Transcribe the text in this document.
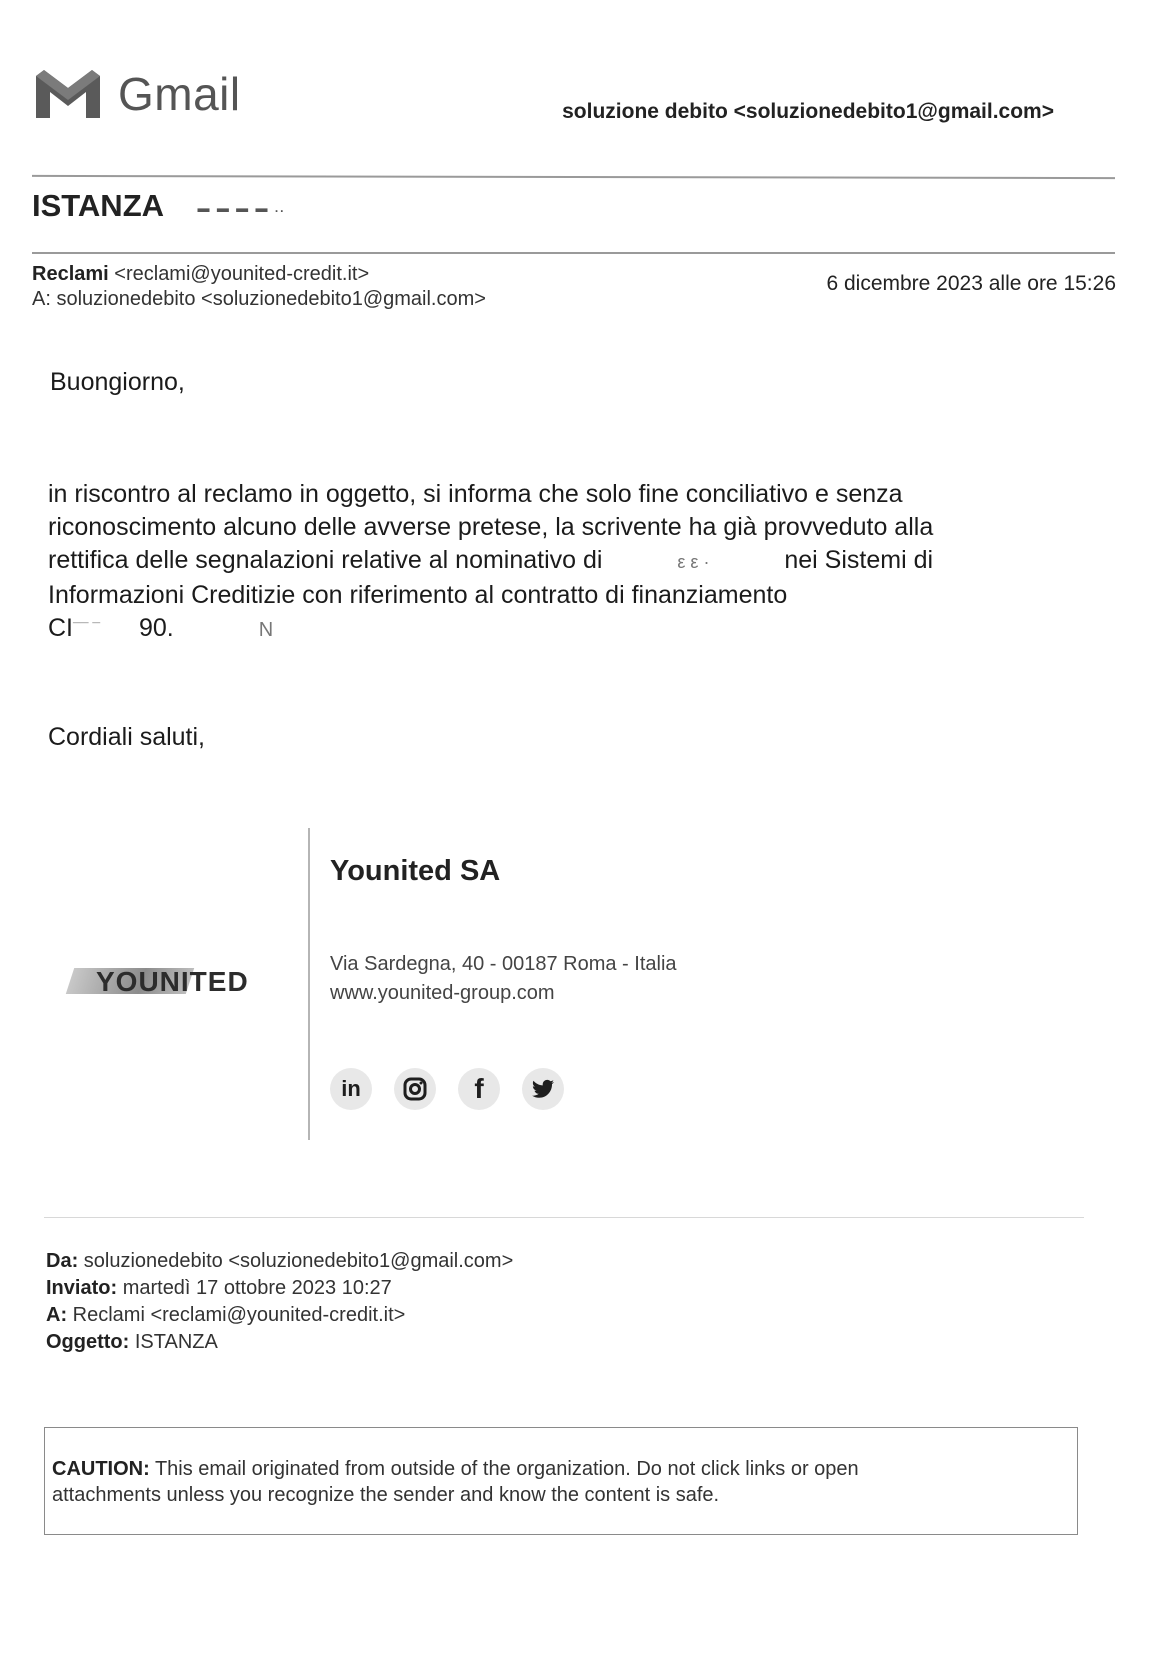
Gmail	soluzione debito <soluzionedebito1@gmail.com>
ISTANZA	▬ ▬ ▬ ▬ ..
Reclami <reclami@younited-credit.it>
A: soluzionedebito <soluzionedebito1@gmail.com>
6 dicembre 2023 alle ore 15:26
Buongiorno,

in riscontro al reclamo in oggetto, si informa che solo fine conciliativo e senza

riconoscimento alcuno delle avverse pretese, la scrivente ha già provveduto alla

rettifica delle segnalazioni relative al nominativo di	ε ε ·	nei Sistemi di

Informazioni Creditizie con riferimento al contratto di finanziamento

CI¯¯ ¯ 90.	N

Cordiali saluti,
YOUNITED
Younited SA
Via Sardegna, 40 - 00187 Roma - Italia
www.younited-group.com
in	f
Da: soluzionedebito <soluzionedebito1@gmail.com>
Inviato: martedì 17 ottobre 2023 10:27
A: Reclami <reclami@younited-credit.it>
Oggetto: ISTANZA
CAUTION: This email originated from outside of the organization. Do not click links or open
attachments unless you recognize the sender and know the content is safe.
